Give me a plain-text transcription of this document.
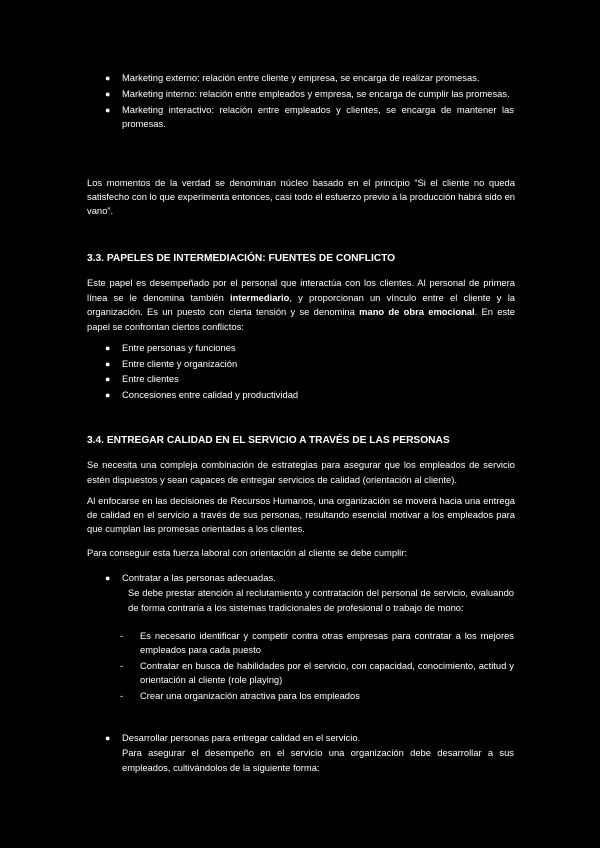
● Marketing externo: relación entre cliente y empresa, se encarga de realizar promesas.
● Marketing interno: relación entre empleados y empresa, se encarga de cumplir las promesas.
● Marketing interactivo: relación entre empleados y clientes, se encarga de mantener las promesas.

Los momentos de la verdad se denominan núcleo basado en el principio “Si el cliente no queda satisfecho con lo que experimenta entonces, casi todo el esfuerzo previo a la producción habrá sido en vano”.

3.3. PAPELES DE INTERMEDIACIÓN: FUENTES DE CONFLICTO

Este papel es desempeñado por el personal que interactúa con los clientes. Al personal de primera línea se le denomina también intermediario, y proporcionan un vínculo entre el cliente y la organización. Es un puesto con cierta tensión y se denomina mano de obra emocional. En este papel se confrontan ciertos conflictos:

● Entre personas y funciones
● Entre cliente y organización
● Entre clientes
● Concesiones entre calidad y productividad
3.4. ENTREGAR CALIDAD EN EL SERVICIO A TRAVÉS DE LAS PERSONAS

Se necesita una compleja combinación de estrategias para asegurar que los empleados de servicio estén dispuestos y sean capaces de entregar servicios de calidad (orientación al cliente).

Al enfocarse en las decisiones de Recursos Humanos, una organización se moverá hacia una entrega de calidad en el servicio a través de sus personas, resultando esencial motivar a los empleados para que cumplan las promesas orientadas a los clientes.

Para conseguir esta fuerza laboral con orientación al cliente se debe cumplir:

● Contratar a las personas adecuadas.

Se debe prestar atención al reclutamiento y contratación del personal de servicio, evaluando de forma contraria a los sistemas tradicionales de profesional o trabajo de mono:

- Es necesario identificar y competir contra otras empresas para contratar a los mejores empleados para cada puesto
- Contratar en busca de habilidades por el servicio, con capacidad, conocimiento, actitud y orientación al cliente (role playing)
- Crear una organización atractiva para los empleados
● Desarrollar personas para entregar calidad en el servicio.

Para asegurar el desempeño en el servicio una organización debe desarrollar a sus empleados, cultivándolos de la siguiente forma:
